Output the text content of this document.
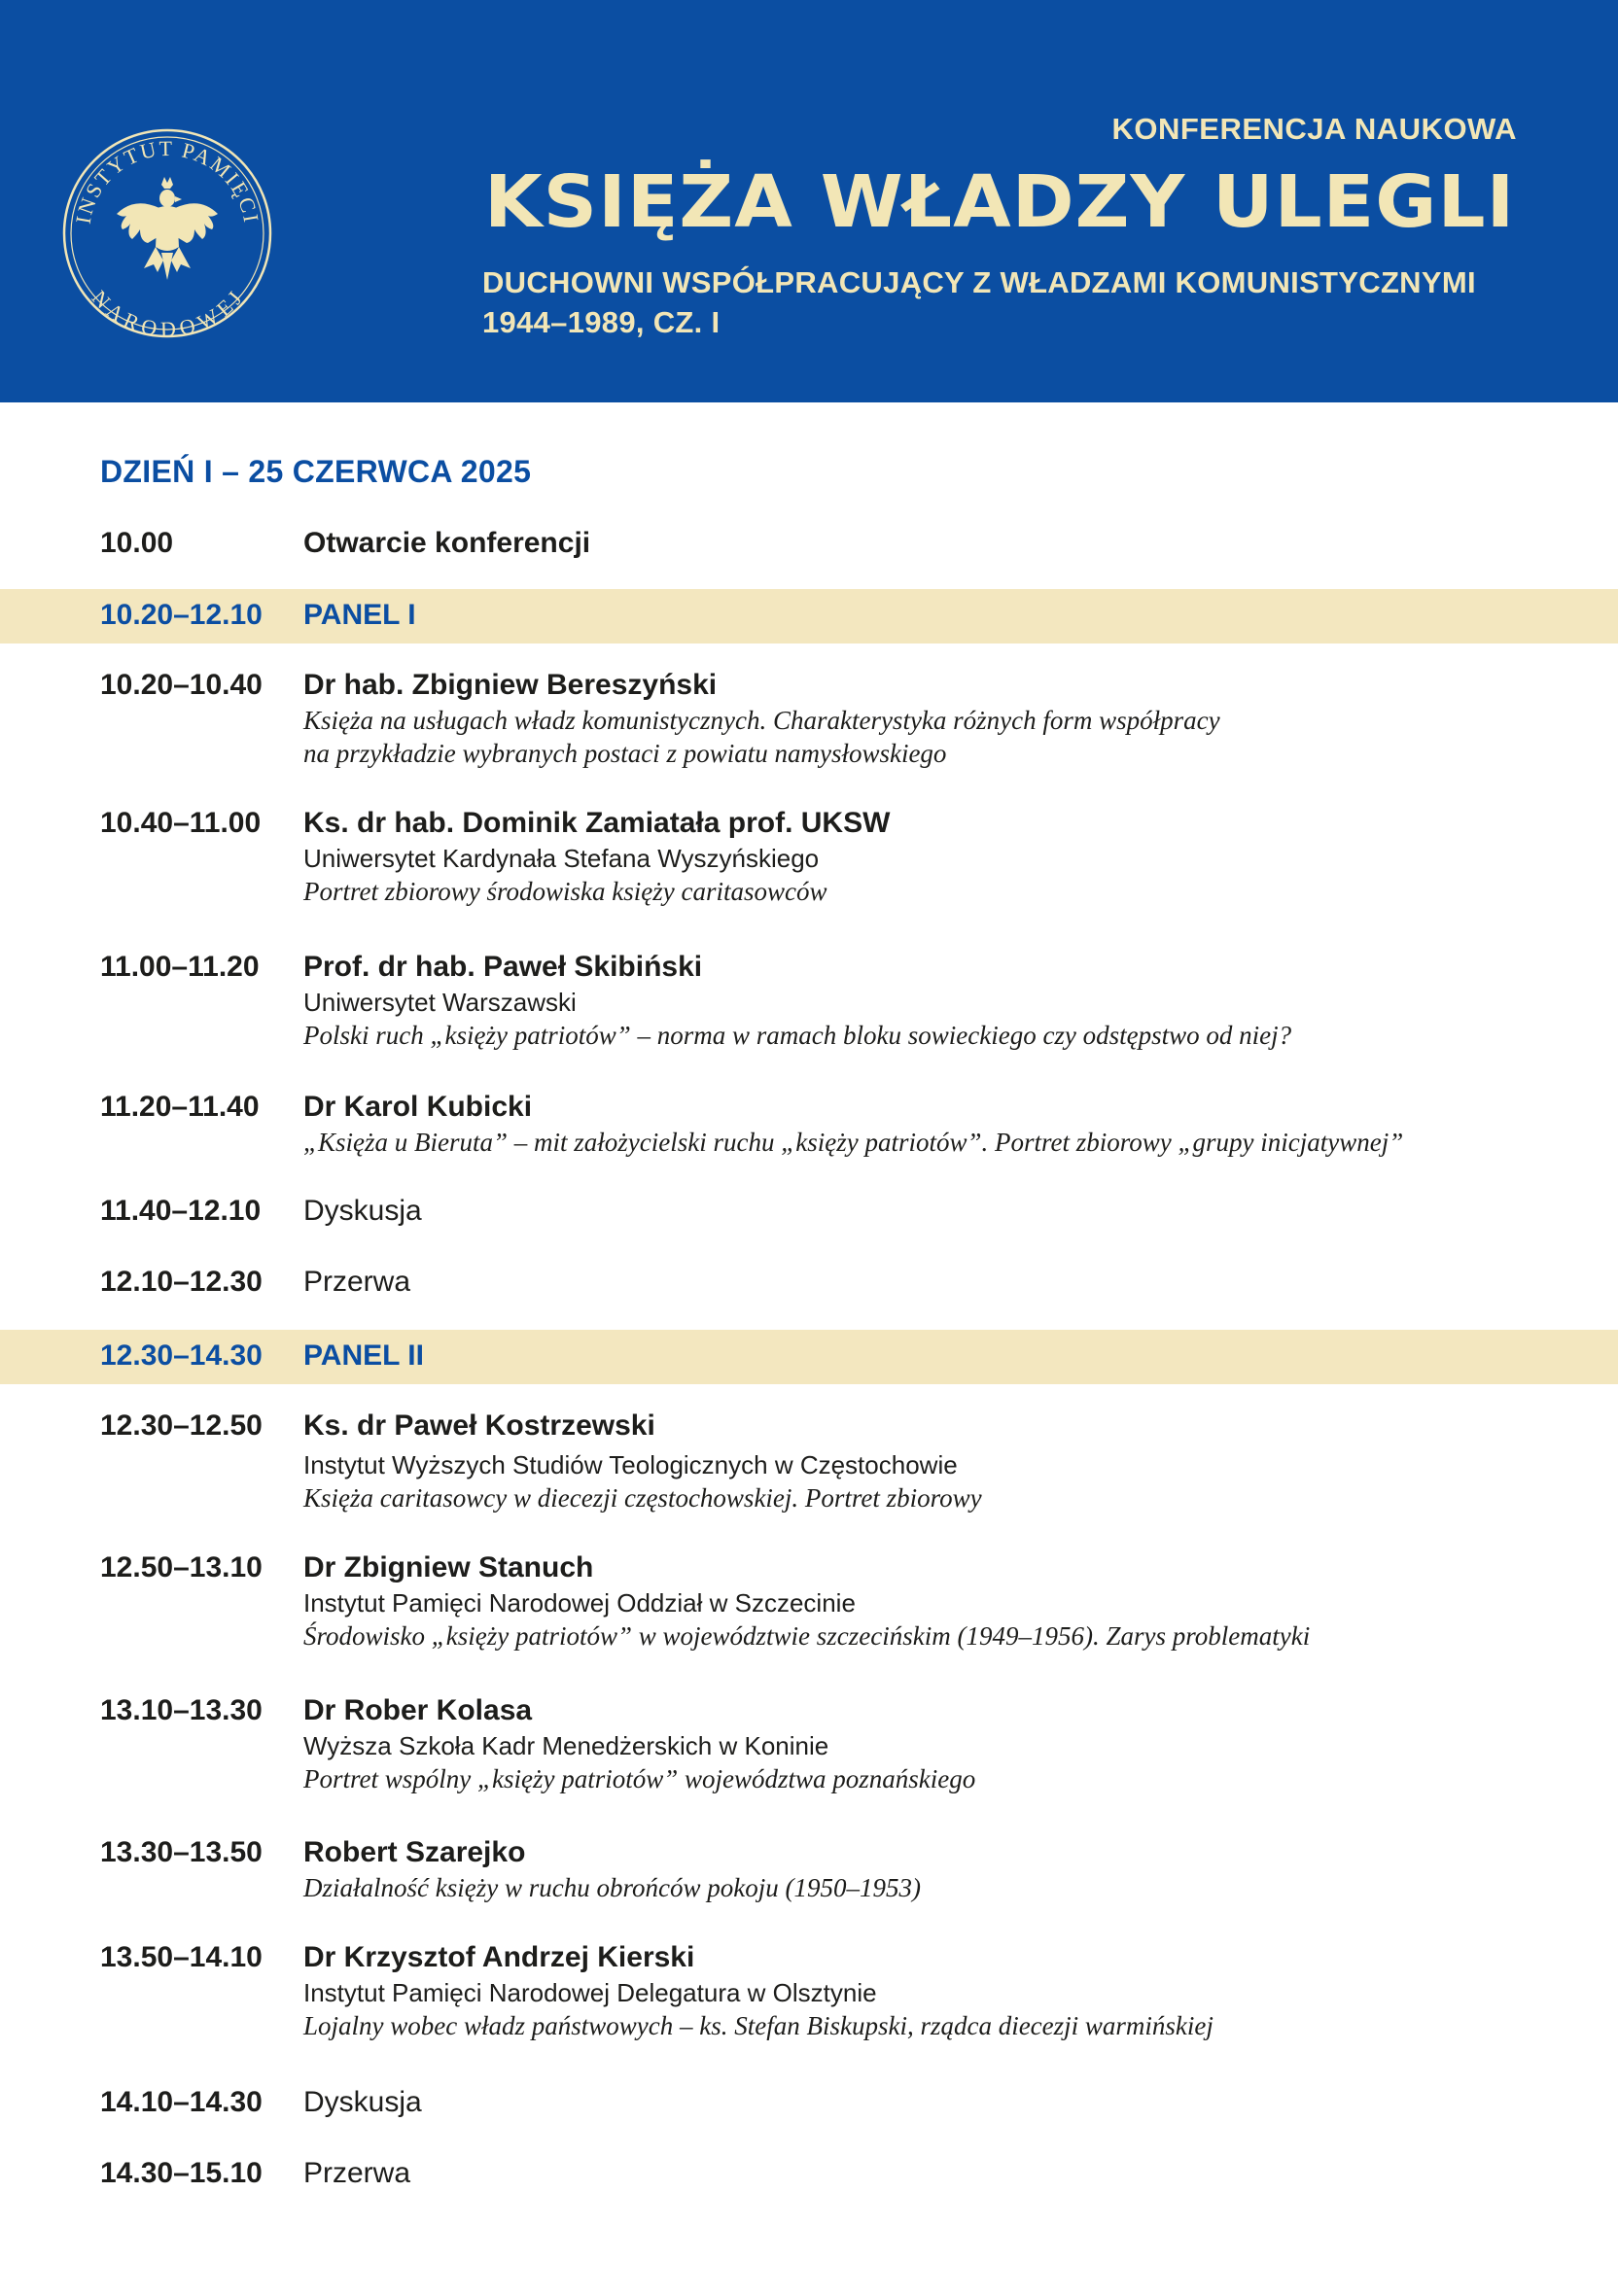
INSTYTUT PAMIĘCI
NARODOWEJ
KONFERENCJA NAUKOWA
KSIĘŻA WŁADZY ULEGLI
DUCHOWNI WSPÓŁPRACUJĄCY Z WŁADZAMI KOMUNISTYCZNYMI
1944–1989, CZ. I
DZIEŃ I – 25 CZERWCA 2025
10.00	Otwarcie konferencji
10.20–12.10 PANEL I
10.20–10.40 Dr hab. Zbigniew Bereszyński
Księża na usługach władz komunistycznych. Charakterystyka różnych form współpracy
na przykładzie wybranych postaci z powiatu namysłowskiego
10.40–11.00 Ks. dr hab. Dominik Zamiatała prof. UKSW
Uniwersytet Kardynała Stefana Wyszyńskiego
Portret zbiorowy środowiska księży caritasowców
11.00–11.20 Prof. dr hab. Paweł Skibiński
Uniwersytet Warszawski
Polski ruch „księży patriotów” – norma w ramach bloku sowieckiego czy odstępstwo od niej?
11.20–11.40 Dr Karol Kubicki
„Księża u Bieruta” – mit założycielski ruchu „księży patriotów”. Portret zbiorowy „grupy inicjatywnej”
11.40–12.10 Dyskusja
12.10–12.30 Przerwa
12.30–14.30 PANEL II
12.30–12.50 Ks. dr Paweł Kostrzewski
Instytut Wyższych Studiów Teologicznych w Częstochowie
Księża caritasowcy w diecezji częstochowskiej. Portret zbiorowy
12.50–13.10 Dr Zbigniew Stanuch
Instytut Pamięci Narodowej Oddział w Szczecinie
Środowisko „księży patriotów” w województwie szczecińskim (1949–1956). Zarys problematyki
13.10–13.30 Dr Rober Kolasa
Wyższa Szkoła Kadr Menedżerskich w Koninie
Portret wspólny „księży patriotów” województwa poznańskiego
13.30–13.50 Robert Szarejko
Działalność księży w ruchu obrońców pokoju (1950–1953)
13.50–14.10 Dr Krzysztof Andrzej Kierski
Instytut Pamięci Narodowej Delegatura w Olsztynie
Lojalny wobec władz państwowych – ks. Stefan Biskupski, rządca diecezji warmińskiej
14.10–14.30 Dyskusja
14.30–15.10 Przerwa
